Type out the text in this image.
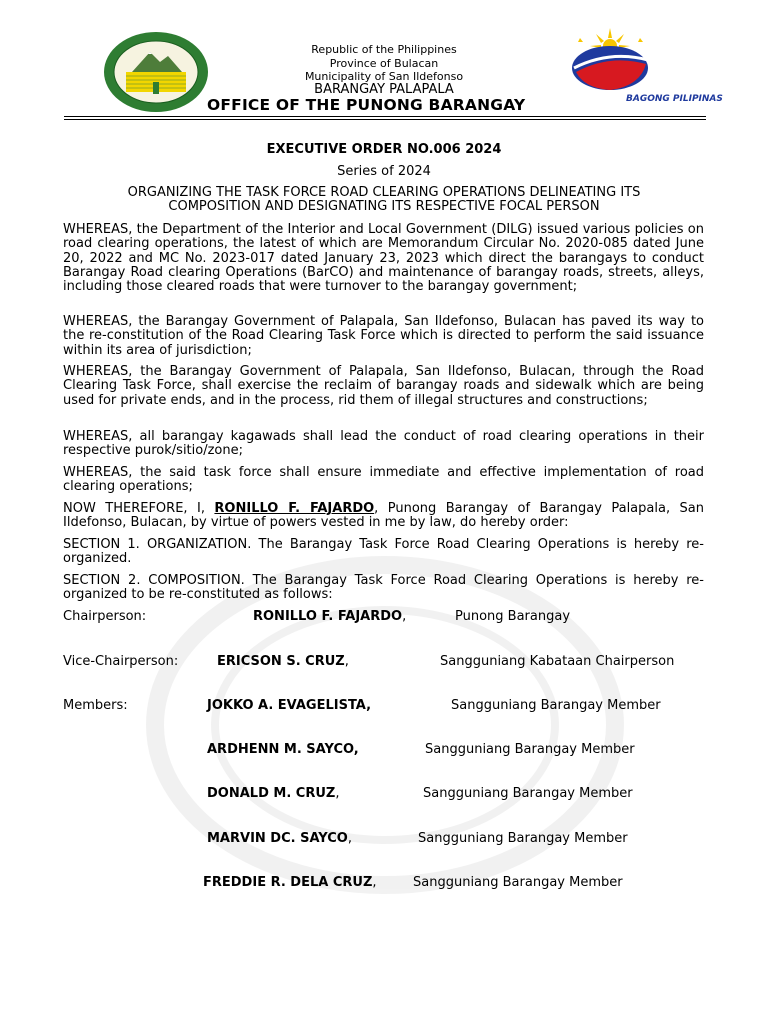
BAGONG PILIPINAS
Republic of the Philippines
Province of Bulacan
Municipality of San Ildefonso
BARANGAY PALAPALA
OFFICE OF THE PUNONG BARANGAY
EXECUTIVE ORDER NO.006 2024
Series of 2024
ORGANIZING THE TASK FORCE ROAD CLEARING OPERATIONS DELINEATING ITS
COMPOSITION AND DESIGNATING ITS RESPECTIVE FOCAL PERSON
WHEREAS, the Department of the Interior and Local Government (DILG) issued various policies on road clearing operations, the latest of which are Memorandum Circular No. 2020-085 dated June 20, 2022 and MC No. 2023-017 dated January 23, 2023 which direct the barangays to conduct Barangay Road clearing Operations (BarCO) and maintenance of barangay roads, streets, alleys, including those cleared roads that were turnover to the barangay government;
WHEREAS, the Barangay Government of Palapala, San Ildefonso, Bulacan has paved its way to the re-constitution of the Road Clearing Task Force which is directed to perform the said issuance within its area of jurisdiction;
WHEREAS, the Barangay Government of Palapala, San Ildefonso, Bulacan, through the Road Clearing Task Force, shall exercise the reclaim of barangay roads and sidewalk which are being used for private ends, and in the process, rid them of illegal structures and constructions;
WHEREAS, all barangay kagawads shall lead the conduct of road clearing operations in their respective purok/sitio/zone;
WHEREAS, the said task force shall ensure immediate and effective implementation of road clearing operations;
NOW THEREFORE, I, RONILLO F. FAJARDO, Punong Barangay of Barangay Palapala, San Ildefonso, Bulacan, by virtue of powers vested in me by law, do hereby order:
SECTION 1. ORGANIZATION. The Barangay Task Force Road Clearing Operations is hereby re-organized.
SECTION 2. COMPOSITION. The Barangay Task Force Road Clearing Operations is hereby re-organized to be re-constituted as follows:
Chairperson:	RONILLO F. FAJARDO,	Punong Barangay
Vice-Chairperson:	ERICSON S. CRUZ,	Sangguniang Kabataan Chairperson
Members:	JOKKO A. EVAGELISTA,	Sangguniang Barangay Member
ARDHENN M. SAYCO,	Sangguniang Barangay Member
DONALD M. CRUZ,	Sangguniang Barangay Member
MARVIN DC. SAYCO,	Sangguniang Barangay Member
FREDDIE R. DELA CRUZ,	Sangguniang Barangay Member
